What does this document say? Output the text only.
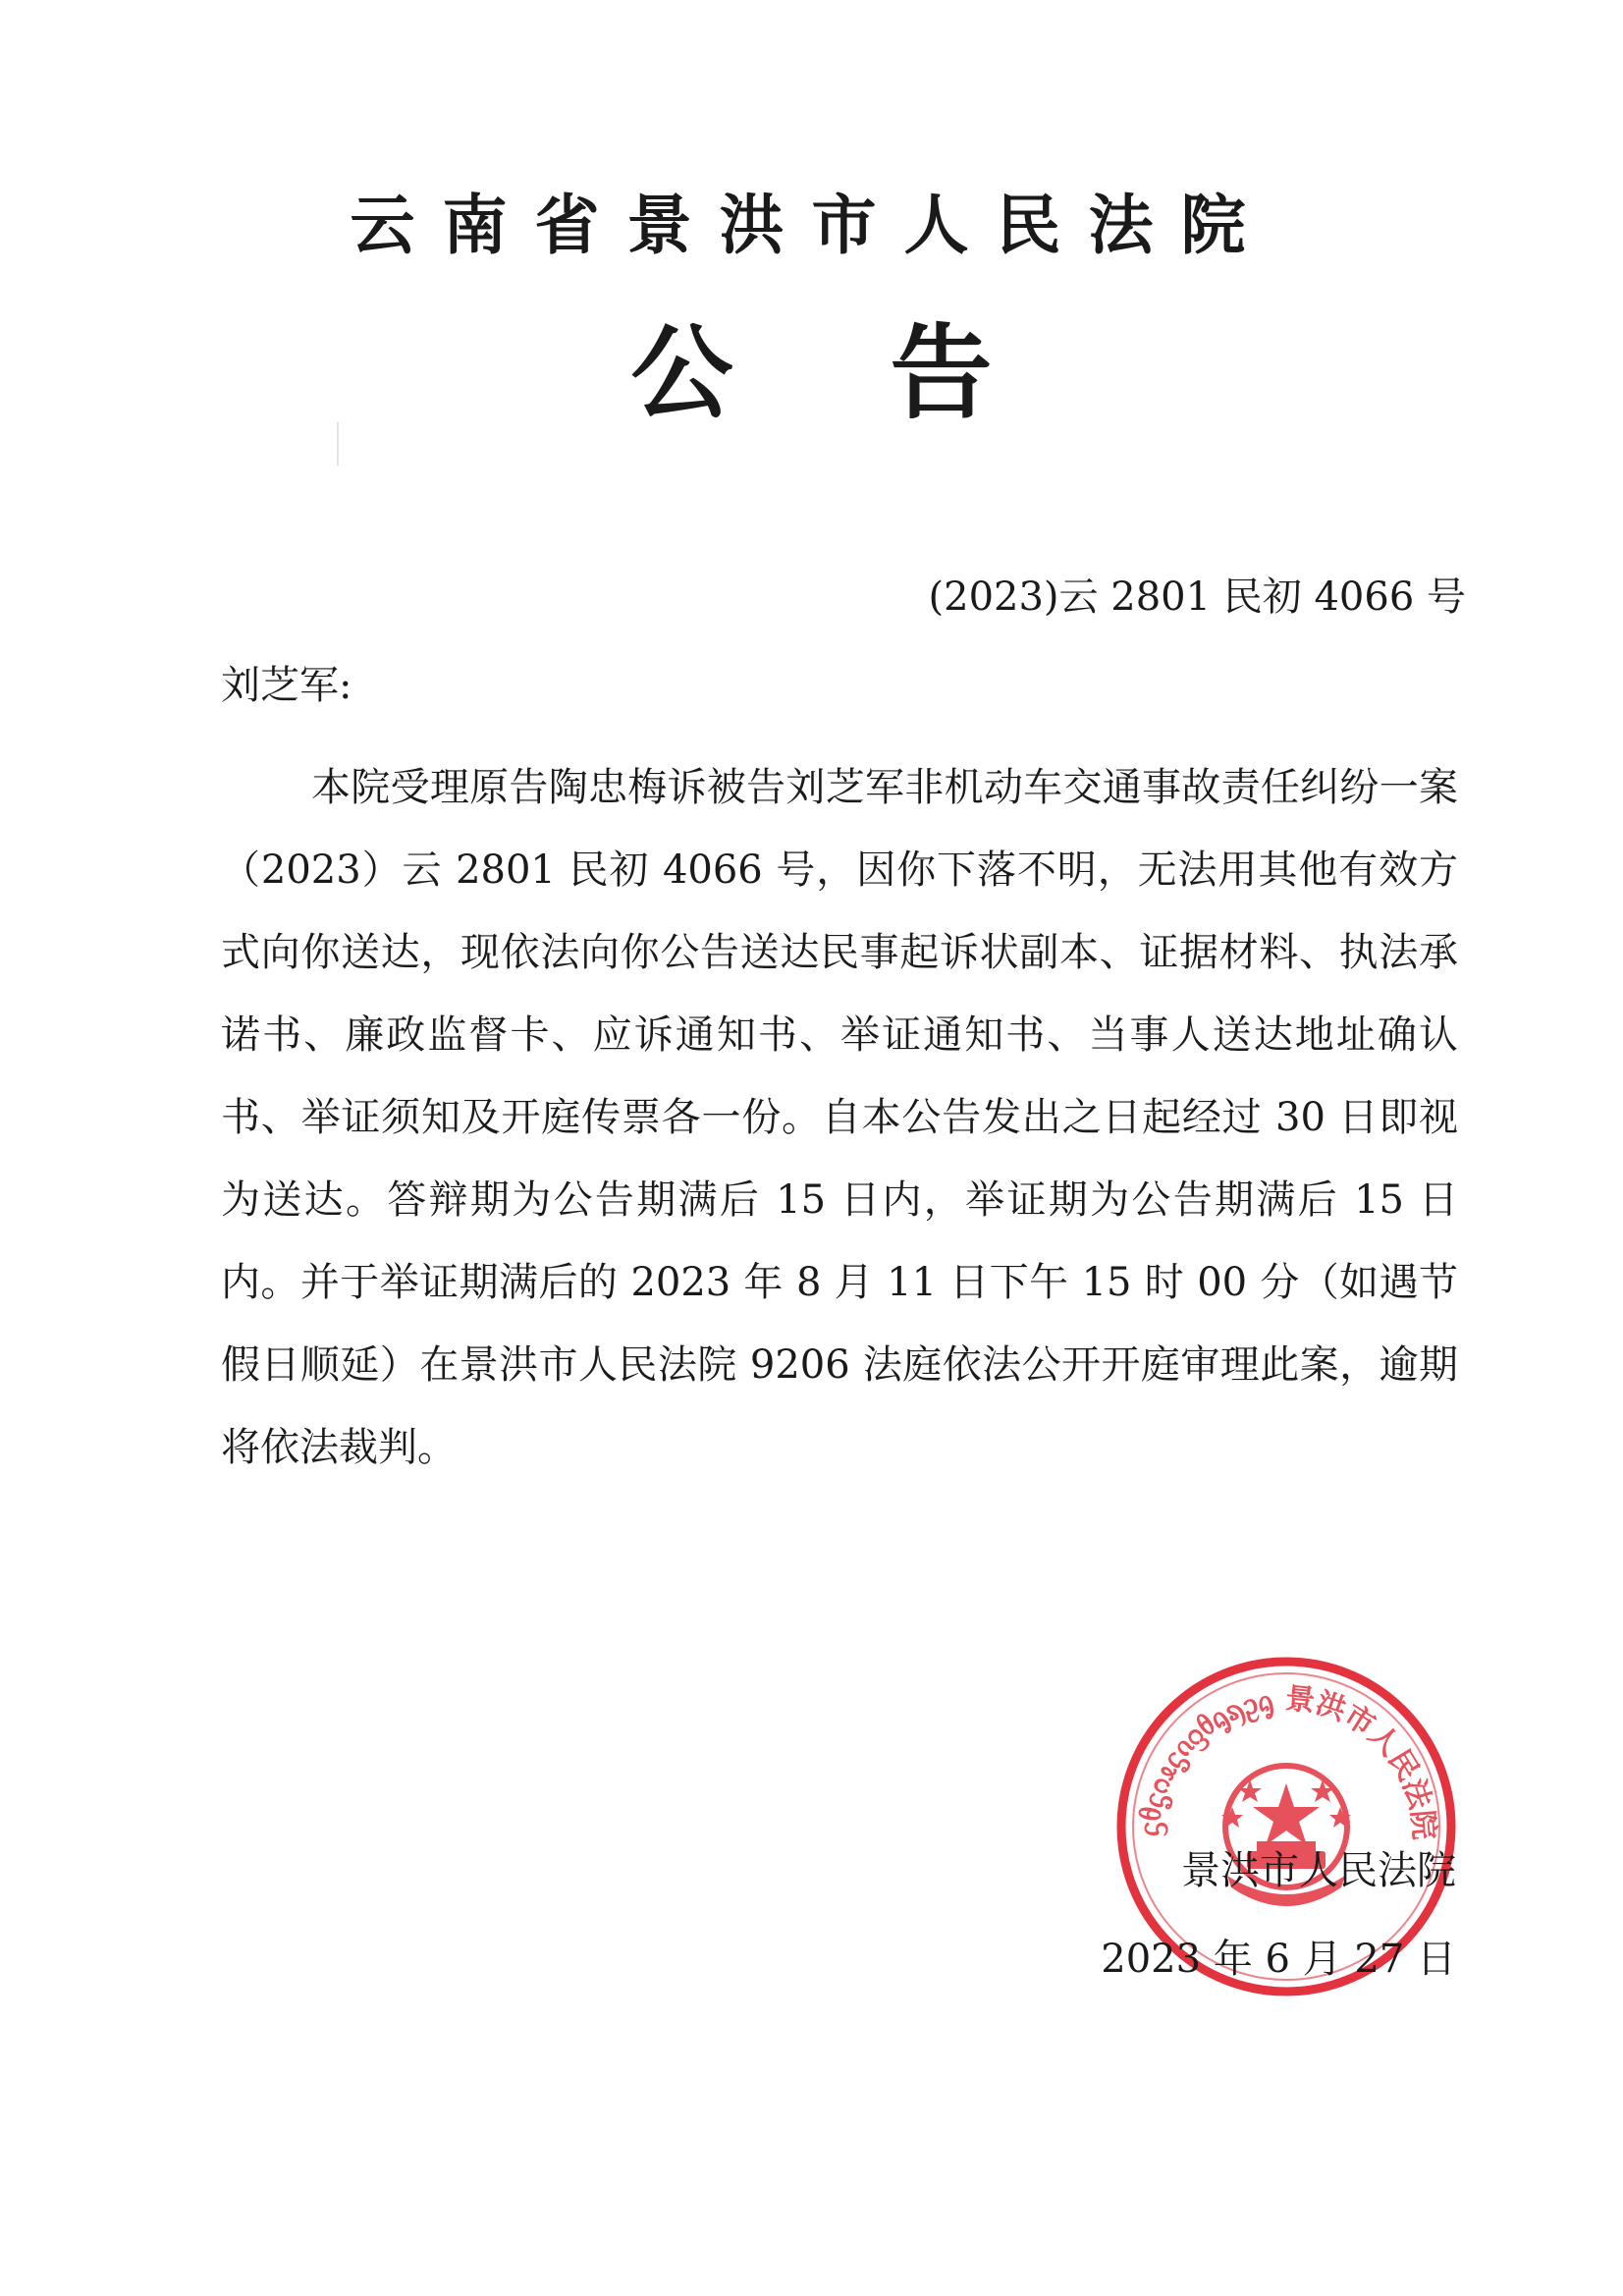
云南省景洪市人民法院
公告
(2023)云 2801 民初 4066 号
刘芝军:

本院受理原告陶忠梅诉被告刘芝军非机动车交通事故责任纠纷一案（2023）云 2801 民初 4066 号，因你下落不明，无法用其他有效方式向你送达，现依法向你公告送达民事起诉状副本、证据材料、执法承诺书、廉政监督卡、应诉通知书、举证通知书、当事人送达地址确认书、举证须知及开庭传票各一份。自本公告发出之日起经过 30 日即视为送达。答辩期为公告期满后 15 日内，举证期为公告期满后 15 日内。并于举证期满后的 2023 年 8 月 11 日下午 15 时 00 分（如遇节假日顺延）在景洪市人民法院 9206 法庭依法公开开庭审理此案，逾期将依法裁判。

ᦓᦲᧃᦅᦸᧃᦵᦋᦲᧂᦣᦳᧂ 景洪市人民法院
景洪市人民法院
2023 年 6 月 27 日
